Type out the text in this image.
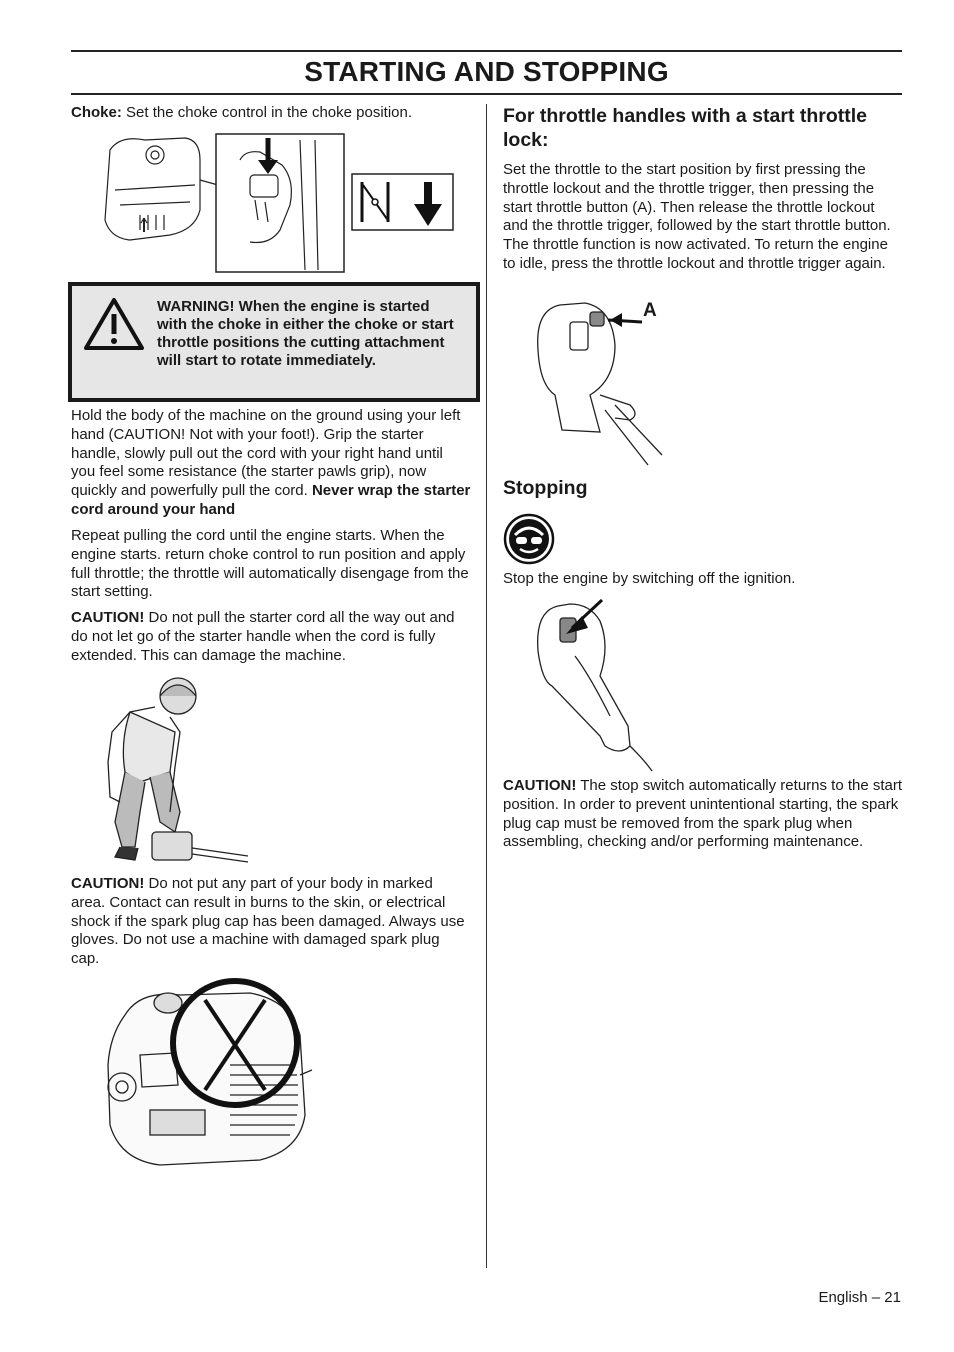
STARTING AND STOPPING

Choke: Set the choke control in the choke position.

WARNING! When the engine is started with the choke in either the choke or start throttle positions the cutting attachment will start to rotate immediately.

Hold the body of the machine on the ground using your left hand (CAUTION! Not with your foot!). Grip the starter handle, slowly pull out the cord with your right hand until you feel some resistance (the starter pawls grip), now quickly and powerfully pull the cord. Never wrap the starter cord around your hand

Repeat pulling the cord until the engine starts. When the engine starts. return choke control to run position and apply full throttle; the throttle will automatically disengage from the start setting.

CAUTION! Do not pull the starter cord all the way out and do not let go of the starter handle when the cord is fully extended. This can damage the machine.

CAUTION! Do not put any part of your body in marked area. Contact can result in burns to the skin, or electrical shock if the spark plug cap has been damaged. Always use gloves. Do not use a machine with damaged spark plug cap.

For throttle handles with a start throttle lock:

Set the throttle to the start position by first pressing the throttle lockout and the throttle trigger, then pressing the start throttle button (A). Then release the throttle lockout and the throttle trigger, followed by the start throttle button. The throttle function is now activated. To return the engine to idle, press the throttle lockout and throttle trigger again.

A
Stopping

Stop the engine by switching off the ignition.

CAUTION! The stop switch automatically returns to the start position. In order to prevent unintentional starting, the spark plug cap must be removed from the spark plug when assembling, checking and/or performing maintenance.

English – 21
